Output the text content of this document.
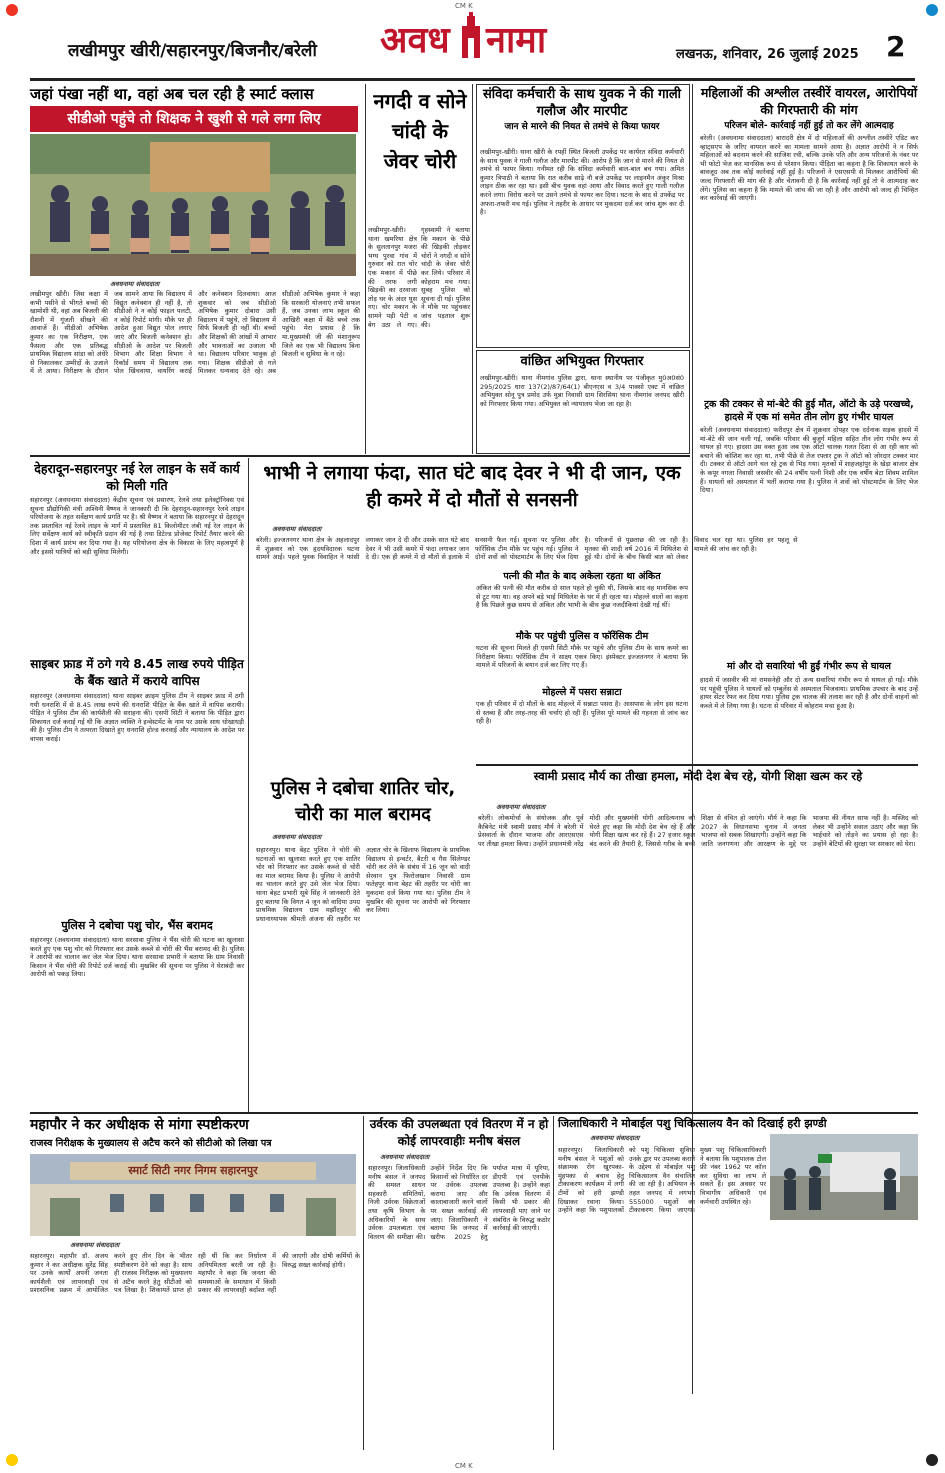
CM K
CM K
लखीमपुर खीरी/सहारनपुर/बिजनौर/बरेली अवध नामा	लखनऊ, शनिवार, 26 जुलाई 2025 2
जहां पंखा नहीं था, वहां अब चल रही है स्मार्ट क्लास
सीडीओ पहुंचे तो शिक्षक ने खुशी से गले लगा लिए
अवधनामा संवाददाता
लखीमपुर खीरी। जिस कक्षा में कभी पसीने से भीगते बच्चों की खामोशी थी, वहां अब बिजली की रौशनी में गूंजती सीखने की आवाजें हैं। सीडीओ अभिषेक कुमार का एक निरीक्षण, एक फैसला और एक प्रतिबद्ध प्राथमिक विद्यालय सांडा को अंधेरे से निकालकर उम्मीदों के उजाले में ले आया। निरीक्षण के दौरान जब सामने आया कि विद्यालय में विद्युत कनेक्शन ही नहीं है, तो सीडीओ ने न कोई फाइल पलटी, न कोई रिपोर्ट मांगी। मौके पर ही आदेश हुआ विद्युत पोल लगाए जाएं और बिजली कनेक्शन हो। सीडीओ के आदेश पर बिजली विभाग और शिक्षा विभाग ने रिकॉर्ड समय में विद्यालय तक पोल खिंचवाया, वायरिंग कराई और कनेक्शन दिलवाया। आज शुकवार को जब सीडीओ अभिषेक कुमार दोबारा उसी विद्यालय में पहुंचे, तो विद्यालय में सिर्फ बिजली ही नहीं थी। बच्चों और शिक्षकों की आंखों में आभार और भावनाओं का उजाला भी था। विद्यालय परिवार भावुक हो गया। शिक्षक सीडीओ से गले मिलकर धन्यवाद देते रहे। अब सीडीओ अभिषेक कुमार ने कहा कि सरकारी योजनाएं तभी सफल हैं, जब उनका लाभ स्कूल की आखिरी कक्षा में बैठे बच्चे तक पहुंचे। मेरा प्रयास है कि मा.मुख्यमंत्री जी की मंशानुरूप जिले का एक भी विद्यालय बिना बिजली व सुविधा के न रहे।
नगदी व सोने चांदी के जेवर चोरी
लखीमपुर-खीरी। थाना खमरिया क्षेत्र के सुलतानपुर मजरा भग्घ पुरवा गांव में गुरुवार को रात चोर एक मकान में पीछे की तरफ लगी खिड़की का दरवाजा तोड़ घर के अंदर घुस गए। चोर मकान के सामने पड़ी पेटी व बेग उठा ले गए। गृहस्वामी ने बताया कि मकान के पीछे की खिड़की तोड़कर चोरों ने नगदी व सोने चांदी के जेवर चोरी कर लिये। परिवार में कोहराम मच गया। सुबह पुलिस को सूचना दी गई। पुलिस ने मौके पर पहुंचकर जांच पड़ताल शुरू की।
संविदा कर्मचारी के साथ युवक ने की गाली गलौज और मारपीट
जान से मारने की नियत से तमंचे से किया फायर
लखीमपुर-खीरी। थाना खीरी के रपहीं स्थित बिजली उपकेंद्र पर कार्यरत संविदा कर्मचारी के साथ युवक ने गाली गलौज और मारपीट की। आरोप है कि जान से मारने की नियत से तमंचे से फायर किया। गनीमत रही कि संविदा कर्मचारी बाल-बाल बच गया। अमित कुमार त्रिपाठी ने बताया कि रात करीब साढ़े नौ बजे उपकेंद्र पर लाइनमैन अंकुर मिश्रा लाइन ठीक कर रहा था। इसी बीच युवक वहां आया और विवाद करते हुए गाली गलौज करने लगा। विरोध करने पर उसने तमंचे से फायर कर दिया। घटना के बाद से उपकेंद्र पर अफरा-तफरी मच गई। पुलिस ने तहरीर के आधार पर मुकदमा दर्ज कर जांच शुरू कर दी है।
वांछित अभियुक्त गिरफ्तार
लखीमपुर-खीरी। थाना नीमगांव पुलिस द्वारा, थाना स्थानीय पर पंजीकृत मु0अ0सं0 295/2025 धारा 137(2)/87/64(1) बीएनएस व 3/4 पाक्सो एक्ट में वांछित अभियुक्त सोनू पुत्र प्रमोद उर्फ मुन्ना निवासी ग्राम सिरसिया थाना नीमगांव जनपद खीरी को गिरफ्तार किया गया। अभियुक्त को न्यायालय भेजा जा रहा है।
महिलाओं की अश्लील तस्वीरें वायरल, आरोपियों की गिरफ्तारी की मांग
परिजन बोले- कार्रवाई नहीं हुई तो कर लेंगे आत्मदाह
बरेली। (अवधनामा संवाददाता) बारादरी क्षेत्र में दो महिलाओं की अश्लील तस्वीरें एडिट कर व्हाट्सएप के जरिए वायरल करने का मामला सामने आया है। अज्ञात आरोपी ने न सिर्फ महिलाओं को बदनाम करने की साजिश रची, बल्कि उनके पति और अन्य परिजनों के नंबर पर भी फोटो भेज कर मानसिक रूप से परेशान किया। पीड़िता का कहना है कि शिकायत करने के बावजूद अब तक कोई कार्रवाई नहीं हुई है। परिजनों ने एसएसपी से मिलकर आरोपियों की जल्द गिरफ्तारी की मांग की है और चेतावनी दी है कि कार्रवाई नहीं हुई तो वे आत्मदाह कर लेंगे। पुलिस का कहना है कि मामले की जांच की जा रही है और आरोपी को जल्द ही चिन्हित कर कार्रवाई की जाएगी।
ट्रक की टक्कर से मां-बेटे की हुई मौत, ऑटो के उड़े परखच्चे, हादसे में एक मां समेत तीन लोग हुए गंभीर घायल
बरेली (अवधनामा संवाददाता) फरीदपुर क्षेत्र में शुक्रवार दोपहर एक दर्दनाक सड़क हादसे में मां-बेटे की जान चली गई, जबकि परिवार की बुजुर्ग महिला सहित तीन लोग गंभीर रूप से घायल हो गए। हादसा उस वक्त हुआ जब एक ऑटो चालक गलत दिशा से आ रही कार को बचाने की कोशिश कर रहा था, तभी पीछे से तेज रफ्तार ट्रक ने ऑटो को जोरदार टक्कर मार दी। टक्कर से ऑटो आगे चल रहे ट्रक से भिड़ गया। मृतकों में शाहजहांपुर के खेड़ा बाजार क्षेत्र के कपूर नगला निवासी जसवीर की 24 वर्षीय पत्नी निशी और एक वर्षीय बेटा शिवम शामिल हैं। घायलों को अस्पताल में भर्ती कराया गया है। पुलिस ने शवों को पोस्टमार्टम के लिए भेज दिया।
मां और दो सवारियां भी हुईं गंभीर रूप से घायल
हादसे में जसवीर की मां रामसनेही और दो अन्य सवारियां गंभीर रूप से घायल हो गईं। मौके पर पहुंची पुलिस ने घायलों को एम्बुलेंस से अस्पताल भिजवाया। प्राथमिक उपचार के बाद उन्हें हायर सेंटर रेफर कर दिया गया। पुलिस ट्रक चालक की तलाश कर रही है और दोनों वाहनों को कब्जे में ले लिया गया है। घटना से परिवार में कोहराम मचा हुआ है।
देहरादून-सहारनपुर नई रेल लाइन के सर्वे कार्य को मिली गति
सहारनपुर (अवधनामा संवाददाता) केंद्रीय सूचना एवं प्रसारण, रेलवे तथा इलेक्ट्रॉनिक्स एवं सूचना प्रौद्योगिकी मंत्री अश्विनी वैष्णव ने जानकारी दी कि देहरादून-सहारनपुर रेलवे लाइन परियोजना के तहत सर्वेक्षण कार्य प्रगति पर है। श्री वैष्णव ने बताया कि सहारनपुर से देहरादून तक प्रस्तावित नई रेलवे लाइन के मार्ग में प्रस्तावित 81 किलोमीटर लंबी नई रेल लाइन के लिए सर्वेक्षण कार्य को स्वीकृति प्रदान की गई है तथा डिटेल्ड प्रोजेक्ट रिपोर्ट तैयार करने की दिशा में कार्य प्रारंभ कर दिया गया है। यह परियोजना क्षेत्र के विकास के लिए महत्वपूर्ण है और इससे यात्रियों को बड़ी सुविधा मिलेगी।
साइबर फ्राड में ठगे गये 8.45 लाख रुपये पीड़ित के बैंक खाते में कराये वापिस
सहारनपुर (अवधनामा संवाददाता) थाना साइबर क्राइम पुलिस टीम ने साइबर फ्राड में ठगी गयी धनराशि में से 8.45 लाख रुपये की धनराशि पीड़ित के बैंक खाते में वापिस करायी। पीड़ित ने पुलिस टीम की कार्यशैली की सराहना की। एसपी सिटी ने बताया कि पीड़ित द्वारा शिकायत दर्ज कराई गई थी कि अज्ञात व्यक्ति ने इन्वेस्टमेंट के नाम पर उसके साथ धोखाधड़ी की है। पुलिस टीम ने तत्परता दिखाते हुए धनराशि होल्ड करवाई और न्यायालय के आदेश पर वापस कराई।
पुलिस ने दबोचा पशु चोर, भैंस बरामद
सहारनपुर (अवधनामा संवाददाता) थाना सरसावा पुलिस ने भैंस चोरी की घटना का खुलासा करते हुए एक पशु चोर को गिरफ्तार कर उसके कब्जे से चोरी की भैंस बरामद की है। पुलिस ने आरोपी का चालान कर जेल भेज दिया। थाना सरसावा प्रभारी ने बताया कि ग्राम निवासी किसान ने भैंस चोरी की रिपोर्ट दर्ज कराई थी। मुखबिर की सूचना पर पुलिस ने घेराबंदी कर आरोपी को पकड़ लिया।
भाभी ने लगाया फंदा, सात घंटे बाद देवर ने भी दी जान, एक ही कमरे में दो मौतों से सनसनी
अवधनामा संवाददाता
बरेली। इज्जतनगर थाना क्षेत्र के अहलादपुर में शुक्रवार को एक हृदयविदारक घटना सामने आई। पहले युवक विवाहित ने फांसी लगाकर जान दे दी और उसके सात घंटे बाद देवर ने भी उसी कमरे में फंदा लगाकर जान दे दी। एक ही कमरे में दो मौतों से इलाके में सनसनी फैल गई। सूचना पर पुलिस और फॉरेंसिक टीम मौके पर पहुंच गई। पुलिस ने दोनों शवों को पोस्टमार्टम के लिए भेज दिया है। परिजनों से पूछताछ की जा रही है। मृतका की शादी वर्ष 2016 में मिथिलेश से हुई थी। दोनों के बीच किसी बात को लेकर विवाद चल रहा था। पुलिस हर पहलू से मामले की जांच कर रही है।
पत्नी की मौत के बाद अकेला रहता था अंकित
अंकित की पत्नी की मौत करीब दो साल पहले हो चुकी थी, जिसके बाद वह मानसिक रूप से टूट गया था। वह अपने बड़े भाई मिथिलेश के घर में ही रहता था। मोहल्ले वालों का कहना है कि पिछले कुछ समय से अंकित और भाभी के बीच कुछ नजदीकियां देखी गई थीं।
मौके पर पहुंची पुलिस व फॉरेंसिक टीम
घटना की सूचना मिलते ही एसपी सिटी मौके पर पहुंचे और पुलिस टीम के साथ कमरे का निरीक्षण किया। फॉरेंसिक टीम ने साक्ष्य एकत्र किए। इंस्पेक्टर इज्जतनगर ने बताया कि मामले में परिजनों के बयान दर्ज कर लिए गए हैं।
मोहल्ले में पसरा सन्नाटा
एक ही परिवार में दो मौतों के बाद मोहल्ले में सन्नाटा पसरा है। आसपास के लोग इस घटना से स्तब्ध हैं और तरह-तरह की चर्चाएं हो रही हैं। पुलिस पूरे मामले की गहनता से जांच कर रही है।
पुलिस ने दबोचा शातिर चोर, चोरी का माल बरामद
अवधनामा संवाददाता
सहारनपुर। थाना बेहट पुलिस ने चोरी की घटनाओं का खुलासा करते हुए एक शातिर चोर को गिरफ्तार कर उसके कब्जे से चोरी का माल बरामद किया है। पुलिस ने आरोपी का चालान करते हुए उसे जेल भेज दिया। थाना बेहट प्रभारी सूबे सिंह ने जानकारी देते हुए बताया कि विगत 4 जून को वादिया उपग्र प्राथमिक विद्यालय ग्राम मझौंदपुर की प्रधानाध्यापक श्रीमती अंजना की तहरीर पर अज्ञात चोर के खिलाफ विद्यालय के प्राथमिक विद्यालय से इन्वर्टर, बैटरी व गैस सिलेण्डर चोरी कर लेने के संबंध में 16 जून को वादी सेरवान पुत्र फिरोजखान निवासी ग्राम फतेहपुर थाना बेहट की तहरीर पर चोरी का मुकदमा दर्ज किया गया था। पुलिस टीम ने मुखबिर की सूचना पर आरोपी को गिरफ्तार कर लिया।
स्वामी प्रसाद मौर्य का तीखा हमला, मोदी देश बेच रहे, योगी शिक्षा खत्म कर रहे
अवधनामा संवाददाता
बरेली। लोकमोर्चा के संयोजक और पूर्व कैबिनेट मंत्री स्वामी प्रसाद मौर्य ने बरेली में प्रेसवार्ता के दौरान भाजपा और आरएसएस पर तीखा हमला किया। उन्होंने प्रधानमंत्री नरेंद्र मोदी और मुख्यमंत्री योगी आदित्यनाथ को घेरते हुए कहा कि मोदी देश बेच रहे हैं और योगी शिक्षा खत्म कर रहे हैं। 27 हजार स्कूल बंद करने की तैयारी है, जिससे गरीब के बच्चे शिक्षा से वंचित हो जाएंगे। मौर्य ने कहा कि 2027 के विधानसभा चुनाव में जनता भाजपा को सबक सिखाएगी। उन्होंने कहा कि जाति जनगणना और आरक्षण के मुद्दे पर भाजपा की नीयत साफ नहीं है। मस्जिद को लेकर भी उन्होंने सवाल उठाए और कहा कि भाईचारे को तोड़ने का प्रयास हो रहा है। उन्होंने बेटियों की सुरक्षा पर सरकार को घेरा।
महापौर ने कर अधीक्षक से मांगा स्पष्टीकरण
राजस्व निरीक्षक के मुख्यालय से अटैच करने को सीटीओ को लिखा पत्र
स्मार्ट सिटी नगर निगम सहारनपुर
अवधनामा संवाददाता
सहारनपुर। महापौर डॉ. अजय कुमार ने कर अधीक्षक सुरेंद्र सिंह पर उनके कार्यों अपनी जनता कार्यशैली एवं लापरवाही एवं प्रशासनिक प्रक्रम में आयोजित करने हुए तीन दिन के भीतर स्पष्टीकरण देने को कहा है। साथ ही राजस्व निरीक्षक को मुख्यालय से अटैच करने हेतु सीटीओ को पत्र लिखा है। शिकायतें प्राप्त हो रही थीं कि कर निर्धारण में अनियमितता बरती जा रही है। महापौर ने कहा कि जनता की समस्याओं के समाधान में किसी प्रकार की लापरवाही बर्दाश्त नहीं की जाएगी और दोषी कर्मियों के विरुद्ध सख्त कार्रवाई होगी।
उर्वरक की उपलब्धता एवं वितरण में न हो कोई लापरवाहीः मनीष बंसल
अवधनामा संवाददाता
सहारनपुर। जिलाधिकारी मनीष बंसल ने जनपद की समस्त साधन सहकारी समितियों, निजी उर्वरक विक्रेताओं तथा कृषि विभाग के अधिकारियों के साथ उर्वरक उपलब्धता एवं वितरण की समीक्षा की। उन्होंने निर्देश दिए कि किसानों को निर्धारित दर पर उर्वरक उपलब्ध कराया जाए और कालाबाजारी करने वालों पर सख्त कार्रवाई की जाए। जिलाधिकारी ने बताया कि जनपद में खरीफ 2025 हेतु पर्याप्त मात्रा में यूरिया, डीएपी एवं एनपीके उपलब्ध है। उन्होंने कहा कि उर्वरक वितरण में किसी भी प्रकार की लापरवाही पाए जाने पर संबंधित के विरुद्ध कठोर कार्रवाई की जाएगी।
जिलाधिकारी ने मोबाईल पशु चिकित्सालय वैन को दिखाई हरी झण्डी
अवधनामा संवाददाता
सहारनपुर। जिलाधिकारी मनीष बंसल ने पशुओं को संक्रामक रोग खुरपका-मुंहपका से बचाव हेतु टीकाकरण कार्यक्रम में लगी टीमों को हरी झण्डी दिखाकर रवाना किया। उन्होंने कहा कि पशुपालकों को पशु चिकित्सा सुविधा उनके द्वार पर उपलब्ध कराने के उद्देश्य से मोबाईल पशु चिकित्सालय वैन संचालित की जा रही है। अभियान के तहत जनपद में लगभग 555000 पशुओं का टीकाकरण किया जाएगा। मुख्य पशु चिकित्साधिकारी ने बताया कि पशुपालक टोल फ्री नंबर 1962 पर कॉल कर सुविधा का लाभ ले सकते हैं। इस अवसर पर विभागीय अधिकारी एवं कर्मचारी उपस्थित रहे।
